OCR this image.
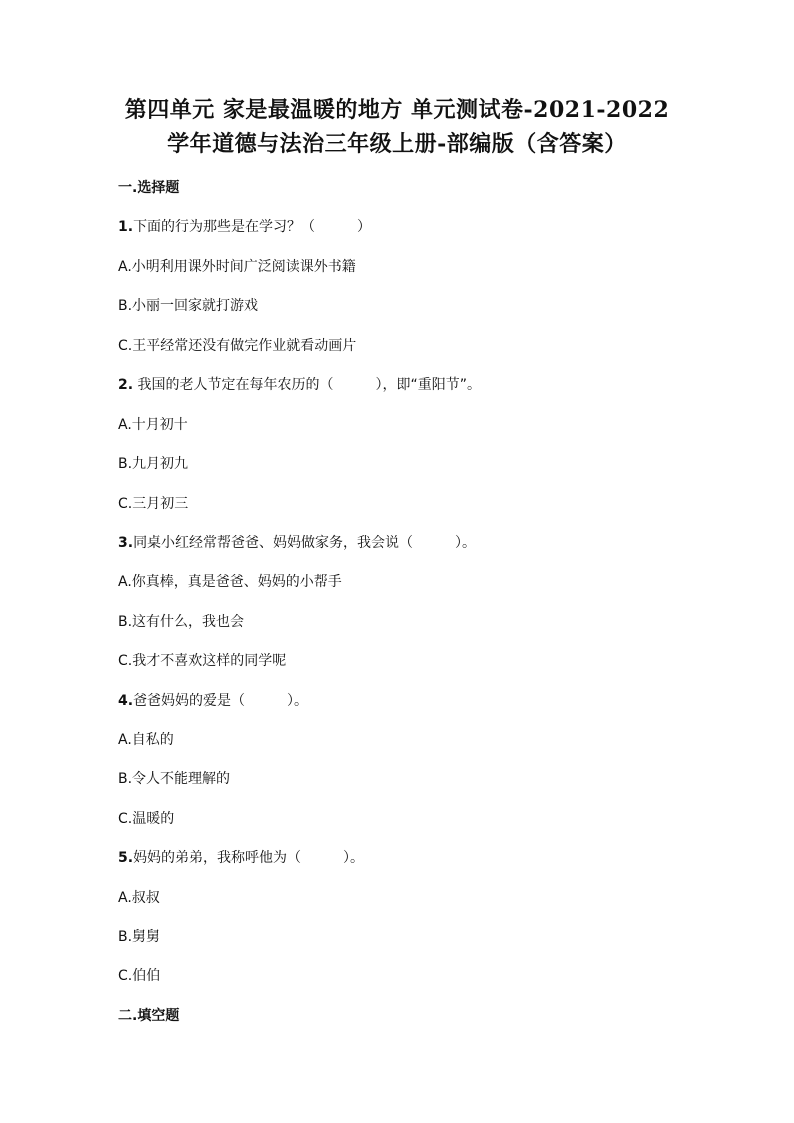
第四单元 家是最温暖的地方 单元测试卷-2021-2022
学年道德与法治三年级上册-部编版（含答案）
一.选择题
1.下面的行为那些是在学习？（　　　）
A.小明利用课外时间广泛阅读课外书籍
B.小丽一回家就打游戏
C.王平经常还没有做完作业就看动画片
2. 我国的老人节定在每年农历的（　　　），即“重阳节”。
A.十月初十
B.九月初九
C.三月初三
3.同桌小红经常帮爸爸、妈妈做家务，我会说（　　　）。
A.你真棒，真是爸爸、妈妈的小帮手
B.这有什么，我也会
C.我才不喜欢这样的同学呢
4.爸爸妈妈的爱是（　　　）。
A.自私的
B.令人不能理解的
C.温暖的
5.妈妈的弟弟，我称呼他为（　　　）。
A.叔叔
B.舅舅
C.伯伯
二.填空题
